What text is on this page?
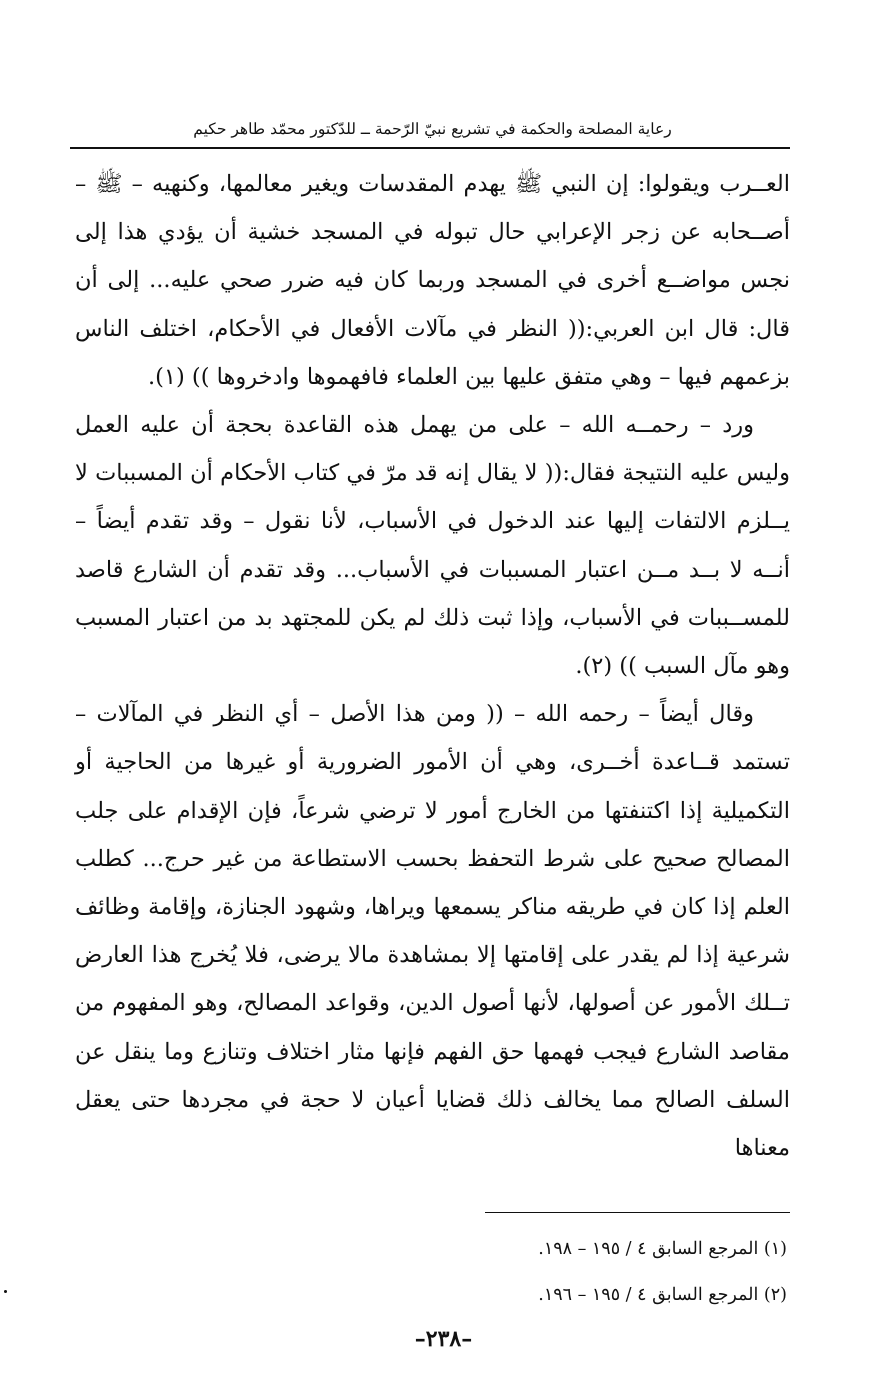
رعاية المصلحة والحكمة في تشريع نبيّ الرّحمة ــ للدّكتور محمّد طاهر حكيم

العــرب ويقولوا: إن النبي ﷺ يهدم المقدسات ويغير معالمها، وكنهيه – ﷺ – أصــحابه عن زجر الإعرابي حال تبوله في المسجد خشية أن يؤدي هذا إلى نجس مواضــع أخرى في المسجد وربما كان فيه ضرر صحي عليه... إلى أن قال: قال ابن العربي:(( النظر في مآلات الأفعال في الأحكام، اختلف الناس بزعمهم فيها – وهي متفق عليها بين العلماء فافهموها وادخروها )) (١).

ورد – رحمــه الله – على من يهمل هذه القاعدة بحجة أن عليه العمل وليس عليه النتيجة فقال:(( لا يقال إنه قد مرّ في كتاب الأحكام أن المسببات لا يــلزم الالتفات إليها عند الدخول في الأسباب، لأنا نقول – وقد تقدم أيضاً – أنــه لا بــد مــن اعتبار المسببات في الأسباب... وقد تقدم أن الشارع قاصد للمســببات في الأسباب، وإذا ثبت ذلك لم يكن للمجتهد بد من اعتبار المسبب وهو مآل السبب )) (٢).

وقال أيضاً – رحمه الله – (( ومن هذا الأصل – أي النظر في المآلات – تستمد قــاعدة أخــرى، وهي أن الأمور الضرورية أو غيرها من الحاجية أو التكميلية إذا اكتنفتها من الخارج أمور لا ترضي شرعاً، فإن الإقدام على جلب المصالح صحيح على شرط التحفظ بحسب الاستطاعة من غير حرج... كطلب العلم إذا كان في طريقه مناكر يسمعها ويراها، وشهود الجنازة، وإقامة وظائف شرعية إذا لم يقدر على إقامتها إلا بمشاهدة مالا يرضى، فلا يُخرج هذا العارض تــلك الأمور عن أصولها، لأنها أصول الدين، وقواعد المصالح، وهو المفهوم من مقاصد الشارع فيجب فهمها حق الفهم فإنها مثار اختلاف وتنازع وما ينقل عن السلف الصالح مما يخالف ذلك قضايا أعيان لا حجة في مجردها حتى يعقل معناها

(١) المرجع السابق ٤ / ١٩٥ – ١٩٨.
(٢) المرجع السابق ٤ / ١٩٥ – ١٩٦.
–٢٣٨–
